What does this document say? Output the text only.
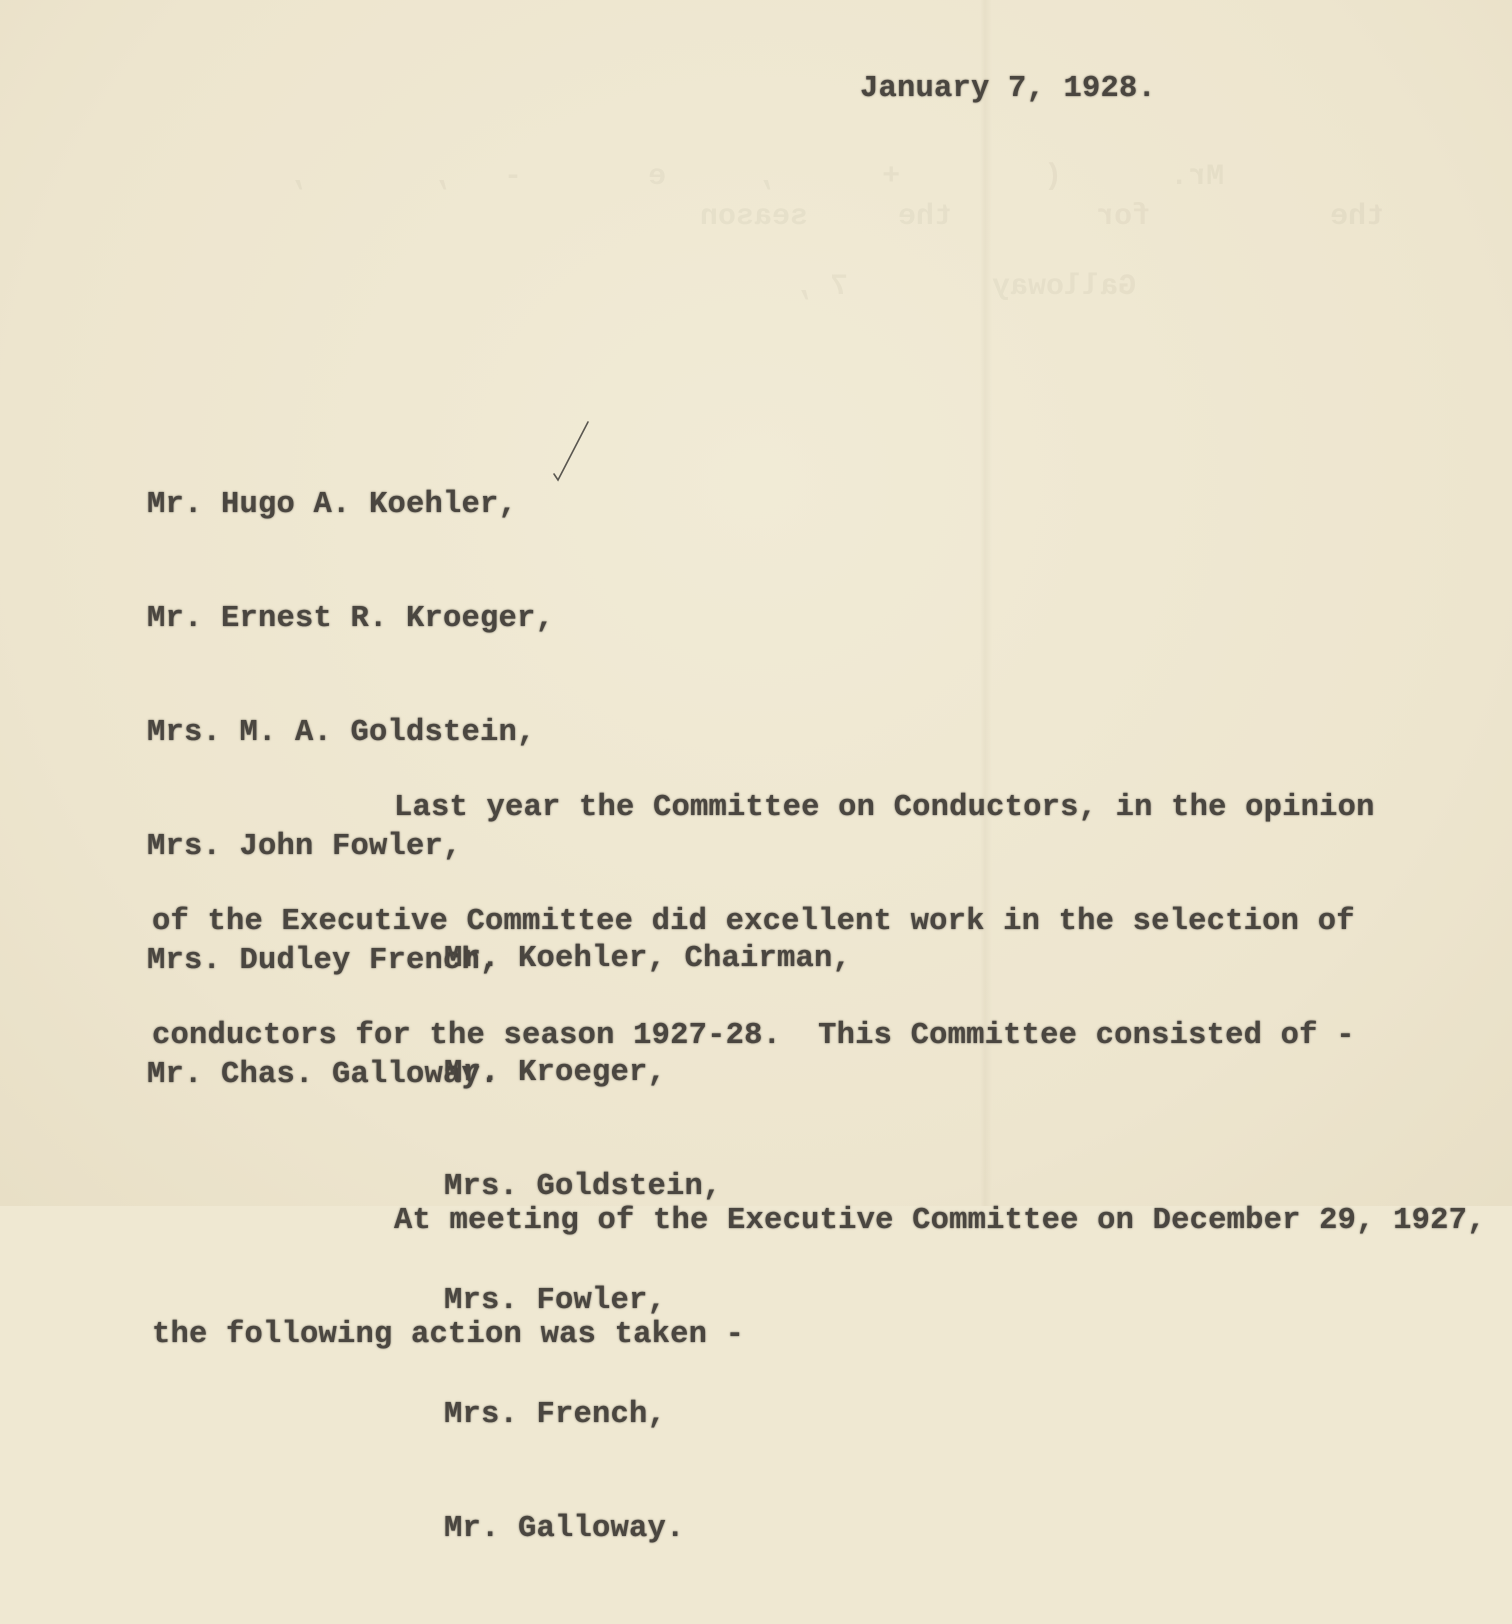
Mr.      (        +      ,     e       -   ,       ,
the          for        the     season
Galloway        7 ,
January 7, 1928.

Mr. Hugo A. Koehler,

Mr. Ernest R. Kroeger,

Mrs. M. A. Goldstein,

Mrs. John Fowler,

Mrs. Dudley French,

Mr. Chas. Galloway.

Last year the Committee on Conductors, in the opinion

of the Executive Committee did excellent work in the selection of

conductors for the season 1927-28.  This Committee consisted of -

Mr. Koehler, Chairman,

Mr. Kroeger,

Mrs. Goldstein,

Mrs. Fowler,

Mrs. French,

Mr. Galloway.

At meeting of the Executive Committee on December 29, 1927,

the following action was taken -
